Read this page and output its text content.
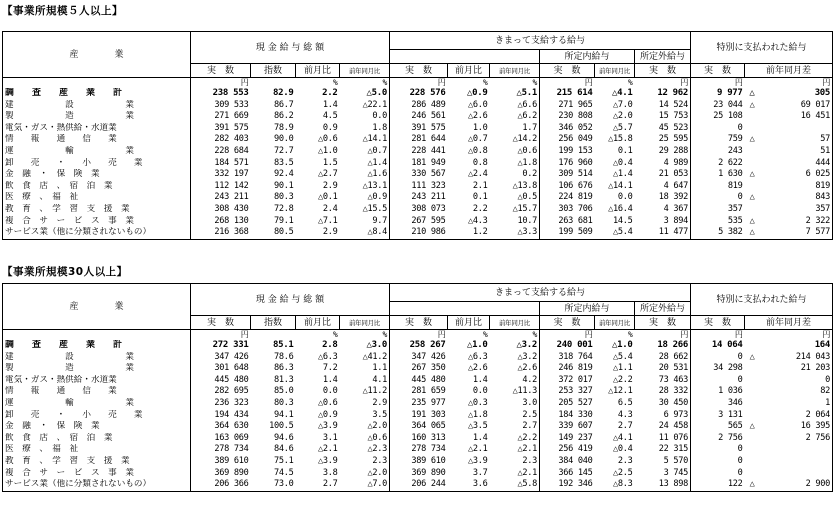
【事業所規模５人以上】
産　　　　業	現 金 給 与 総 額				きまって支給する給与						特別に支払われた給与		
								所定内給与		所定外給与			
	実　数	指数	前月比	前年同月比	実　数	前月比	前年同月比	実　数	前年同月比	実　数	実　数	前年同月差	
	円		%	%	円	%	%	円	%	円	円		円
調　　査　　産　　業　　計	238 553	82.9	2.2	△5.0	228 576	△0.9	△5.1	215 614	△4.1	12 962	9 977	△	305
建　　　　　　設　　　　　　業	309 533	86.7	1.4	△22.1	286 489	△6.0	△6.6	271 965	△7.0	14 524	23 044	△	69 017
製　　　　　　造　　　　　　業	271 669	86.2	4.5	0.0	246 561	△2.6	△6.2	230 808	△2.0	15 753	25 108		16 451
電気・ガス・熱供給・水道業	391 575	78.9	0.9	1.8	391 575	1.0	1.7	346 052	△5.7	45 523	0		
情　　報　　通　　信　　業	282 403	90.0	△0.6	△14.1	281 644	△0.7	△14.2	256 049	△15.8	25 595	759	△	57
運　　　　　　輸　　　　　　業	228 684	72.7	△1.0	△0.7	228 441	△0.8	△0.6	199 153	0.1	29 288	243		51
卸　　売　　・　　小　　売　　業	184 571	83.5	1.5	△1.4	181 949	0.8	△1.8	176 960	△0.4	4 989	2 622		444
金　融　・　保　険　業	332 197	92.4	△2.7	△1.6	330 567	△2.4	0.2	309 514	△1.4	21 053	1 630	△	6 025
飲　食　店　、　宿　泊　業	112 142	90.1	2.9	△13.1	111 323	2.1	△13.8	106 676	△14.1	4 647	819		819
医　療　、　福　祉	243 211	80.3	△0.1	△0.9	243 211	0.1	△0.5	224 819	0.0	18 392	0	△	843
教　育　、　学　習　支　援　業	308 430	72.8	2.4	△15.5	308 073	2.2	△15.7	303 706	△16.4	4 367	357		357
複　合　サ　ー　ビ　ス　事　業	268 130	79.1	△7.1	9.7	267 595	△4.3	10.7	263 681	14.5	3 894	535	△	2 322
サービス業（他に分類されないもの）	216 368	80.5	2.9	△8.4	210 986	1.2	△3.3	199 509	△5.4	11 477	5 382	△	7 577
【事業所規模30人以上】
産　　　　業	現 金 給 与 総 額				きまって支給する給与						特別に支払われた給与		
								所定内給与		所定外給与			
	実　数	指数	前月比	前年同月比	実　数	前月比	前年同月比	実　数	前年同月比	実　数	実　数	前年同月差	
	円		%	%	円	%	%	円	%	円	円		円
調　　査　　産　　業　　計	272 331	85.1	2.8	△3.0	258 267	△1.0	△3.2	240 001	△1.0	18 266	14 064		164
建　　　　　　設　　　　　　業	347 426	78.6	△6.3	△41.2	347 426	△6.3	△3.2	318 764	△5.4	28 662	0	△	214 043
製　　　　　　造　　　　　　業	301 648	86.3	7.2	1.1	267 350	△2.6	△2.6	246 819	△1.1	20 531	34 298		21 203
電気・ガス・熱供給・水道業	445 480	81.3	1.4	4.1	445 480	1.4	4.2	372 017	△2.2	73 463	0		0
情　　報　　通　　信　　業	282 695	85.0	0.0	△11.2	281 659	0.0	△11.3	253 327	△12.1	28 332	1 036		82
運　　　　　　輸　　　　　　業	236 323	80.3	△0.6	2.9	235 977	△0.3	3.0	205 527	6.5	30 450	346		1
卸　　売　　・　　小　　売　　業	194 434	94.1	△0.9	3.5	191 303	△1.8	2.5	184 330	4.3	6 973	3 131		2 064
金　融　・　保　険　業	364 630	100.5	△3.9	△2.0	364 065	△3.5	2.7	339 607	2.7	24 458	565	△	16 395
飲　食　店　、　宿　泊　業	163 069	94.6	3.1	△0.6	160 313	1.4	△2.2	149 237	△4.1	11 076	2 756		2 756
医　療　、　福　祉	278 734	84.6	△2.1	△2.3	278 734	△2.1	△2.1	256 419	△0.4	22 315	0		
教　育　、　学　習　支　援　業	389 610	75.1	△3.9	2.3	389 610	△3.9	2.3	384 040	2.3	5 570	0		
複　合　サ　ー　ビ　ス　事　業	369 890	74.5	3.8	△2.0	369 890	3.7	△2.1	366 145	△2.5	3 745	0		
サービス業（他に分類されないもの）	206 366	73.0	2.7	△7.0	206 244	3.6	△5.8	192 346	△8.3	13 898	122	△	2 900
